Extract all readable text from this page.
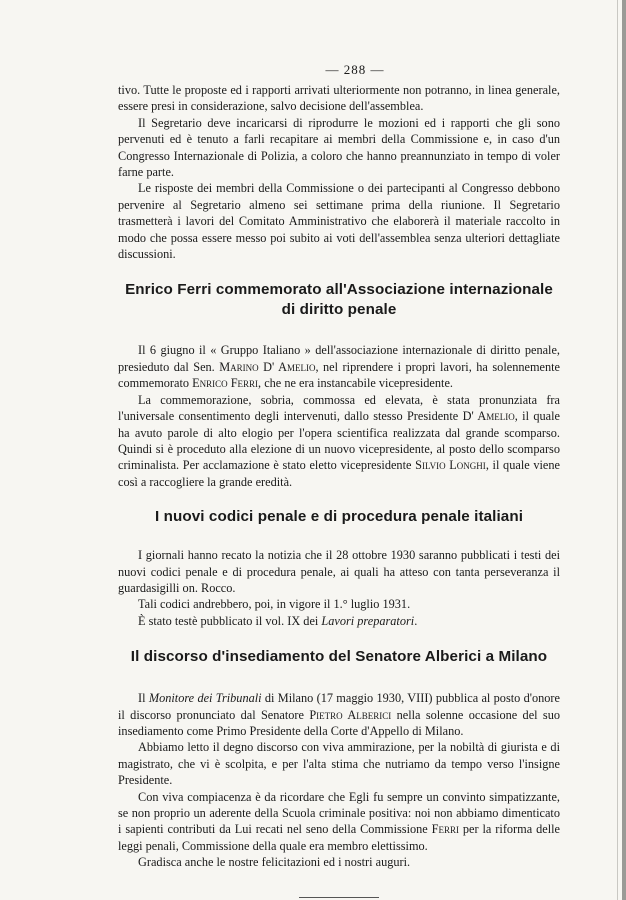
— 288 —

tivo. Tutte le proposte ed i rapporti arrivati ulteriormente non potranno, in linea generale, essere presi in considerazione, salvo decisione dell'assemblea.

Il Segretario deve incaricarsi di riprodurre le mozioni ed i rapporti che gli sono pervenuti ed è tenuto a farli recapitare ai membri della Commissione e, in caso d'un Congresso Internazionale di Polizia, a coloro che hanno preannunziato in tempo di voler farne parte.

Le risposte dei membri della Commissione o dei partecipanti al Congresso debbono pervenire al Segretario almeno sei settimane prima della riunione. Il Segretario trasmetterà i lavori del Comitato Amministrativo che elaborerà il materiale raccolto in modo che possa essere messo poi subito ai voti dell'assemblea senza ulteriori dettagliate discussioni.

Enrico Ferri commemorato all'Associazione internazionale
di diritto penale

Il 6 giugno il « Gruppo Italiano » dell'associazione internazionale di diritto penale, presieduto dal Sen. Marino D' Amelio, nel riprendere i propri lavori, ha solennemente commemorato Enrico Ferri, che ne era instancabile vicepresidente.

La commemorazione, sobria, commossa ed elevata, è stata pronunziata fra l'universale consentimento degli intervenuti, dallo stesso Presidente D' Amelio, il quale ha avuto parole di alto elogio per l'opera scientifica realizzata dal grande scomparso. Quindi si è proceduto alla elezione di un nuovo vicepresidente, al posto dello scomparso criminalista. Per acclamazione è stato eletto vicepresidente Silvio Longhi, il quale viene così a raccogliere la grande eredità.

I nuovi codici penale e di procedura penale italiani

I giornali hanno recato la notizia che il 28 ottobre 1930 saranno pubblicati i testi dei nuovi codici penale e di procedura penale, ai quali ha atteso con tanta perseveranza il guardasigilli on. Rocco.

Tali codici andrebbero, poi, in vigore il 1.° luglio 1931.

È stato testè pubblicato il vol. IX dei Lavori preparatori.

Il discorso d'insediamento del Senatore Alberici a Milano

Il Monitore dei Tribunali di Milano (17 maggio 1930, VIII) pubblica al posto d'onore il discorso pronunciato dal Senatore Pietro Alberici nella solenne occasione del suo insediamento come Primo Presidente della Corte d'Appello di Milano.

Abbiamo letto il degno discorso con viva ammirazione, per la nobiltà di giurista e di magistrato, che vi è scolpita, e per l'alta stima che nutriamo da tempo verso l'insigne Presidente.

Con viva compiacenza è da ricordare che Egli fu sempre un convinto simpatizzante, se non proprio un aderente della Scuola criminale positiva: noi non abbiamo dimenticato i sapienti contributi da Lui recati nel seno della Commissione Ferri per la riforma delle leggi penali, Commissione della quale era membro elettissimo.

Gradisca anche le nostre felicitazioni ed i nostri auguri.
